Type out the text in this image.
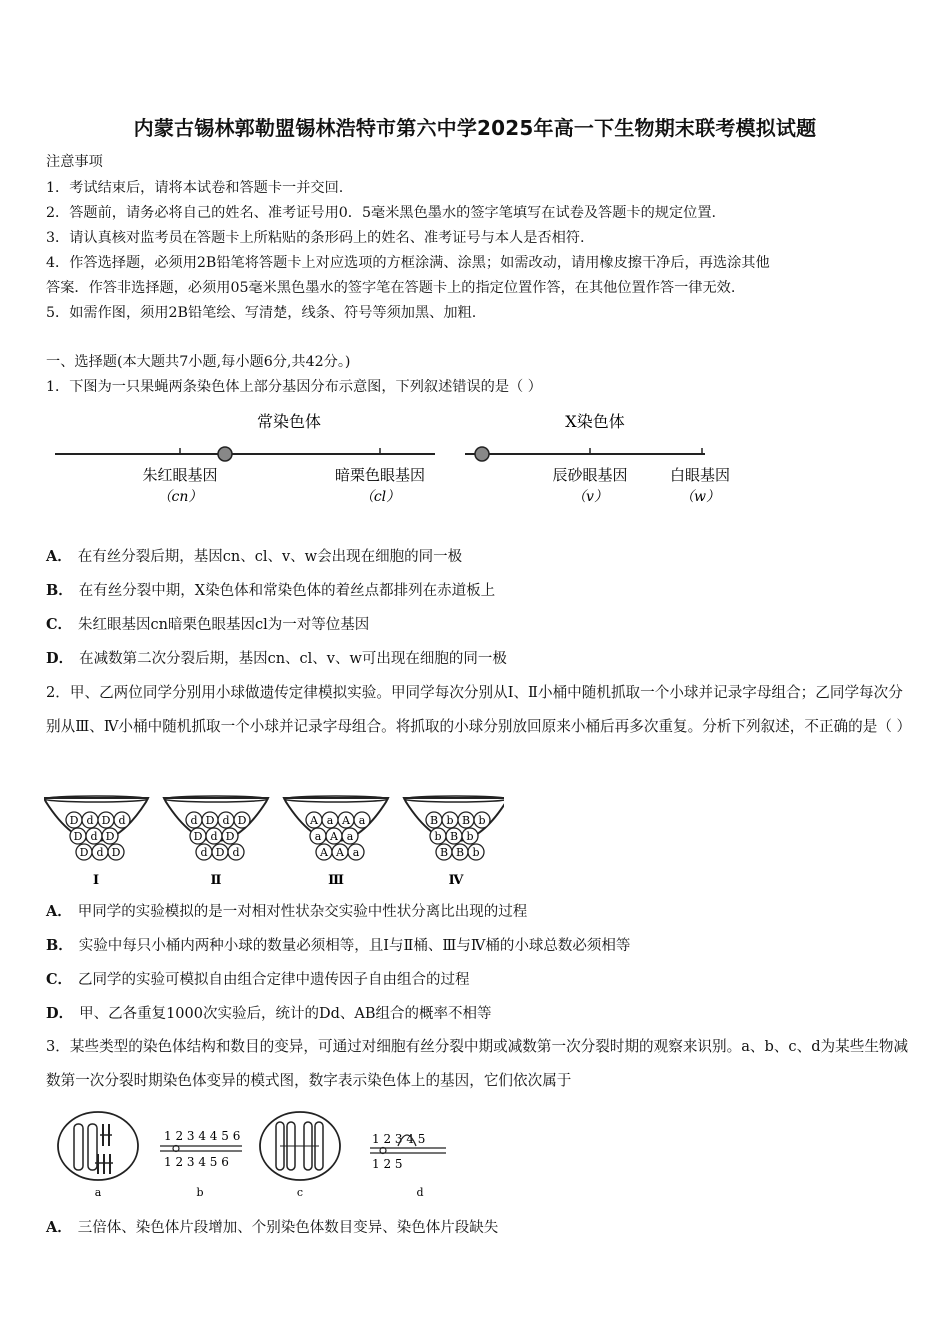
内蒙古锡林郭勒盟锡林浩特市第六中学2025年高一下生物期末联考模拟试题
注意事项
1．考试结束后，请将本试卷和答题卡一并交回.
2．答题前，请务必将自己的姓名、准考证号用0．5毫米黑色墨水的签字笔填写在试卷及答题卡的规定位置.
3．请认真核对监考员在答题卡上所粘贴的条形码上的姓名、准考证号与本人是否相符.
4．作答选择题，必须用2B铅笔将答题卡上对应选项的方框涂满、涂黑；如需改动，请用橡皮擦干净后，再选涂其他
答案．作答非选择题，必须用05毫米黑色墨水的签字笔在答题卡上的指定位置作答，在其他位置作答一律无效.
5．如需作图，须用2B铅笔绘、写清楚，线条、符号等须加黑、加粗.
一、选择题(本大题共7小题,每小题6分,共42分。)
1．下图为一只果蝇两条染色体上部分基因分布示意图，下列叙述错误的是（ ）
常染色体	X染色体
朱红眼基因
（cn）
暗栗色眼基因
（cl）
辰砂眼基因
（v）
白眼基因
（w）
A． 在有丝分裂后期，基因cn、cl、v、w会出现在细胞的同一极
B． 在有丝分裂中期，X染色体和常染色体的着丝点都排列在赤道板上
C． 朱红眼基因cn暗栗色眼基因cl为一对等位基因
D． 在减数第二次分裂后期，基因cn、cl、v、w可出现在细胞的同一极
2．甲、乙两位同学分别用小球做遗传定律模拟实验。甲同学每次分别从Ⅰ、Ⅱ小桶中随机抓取一个小球并记录字母组合；乙同学每次分别从Ⅲ、Ⅳ小桶中随机抓取一个小球并记录字母组合。将抓取的小球分别放回原来小桶后再多次重复。分析下列叙述，不正确的是（ ）
D d D d
D d D
D d D
Ⅰ
d D d D
D d D
d D d
Ⅱ
A a A a
a A a
A A a
Ⅲ
B b B b
b B b
B B b
Ⅳ
A． 甲同学的实验模拟的是一对相对性状杂交实验中性状分离比出现的过程
B． 实验中每只小桶内两种小球的数量必须相等，且Ⅰ与Ⅱ桶、Ⅲ与Ⅳ桶的小球总数必须相等
C． 乙同学的实验可模拟自由组合定律中遗传因子自由组合的过程
D． 甲、乙各重复1000次实验后，统计的Dd、AB组合的概率不相等
3．某些类型的染色体结构和数目的变异，可通过对细胞有丝分裂中期或减数第一次分裂时期的观察来识别。a、b、c、d为某些生物减数第一次分裂时期染色体变异的模式图，数字表示染色体上的基因，它们依次属于
a
1 2 3 4 4 5 6
1 2 3 4 5 6
b	c
1 2 3 4 5
1 2 5
d
A． 三倍体、染色体片段增加、个别染色体数目变异、染色体片段缺失
